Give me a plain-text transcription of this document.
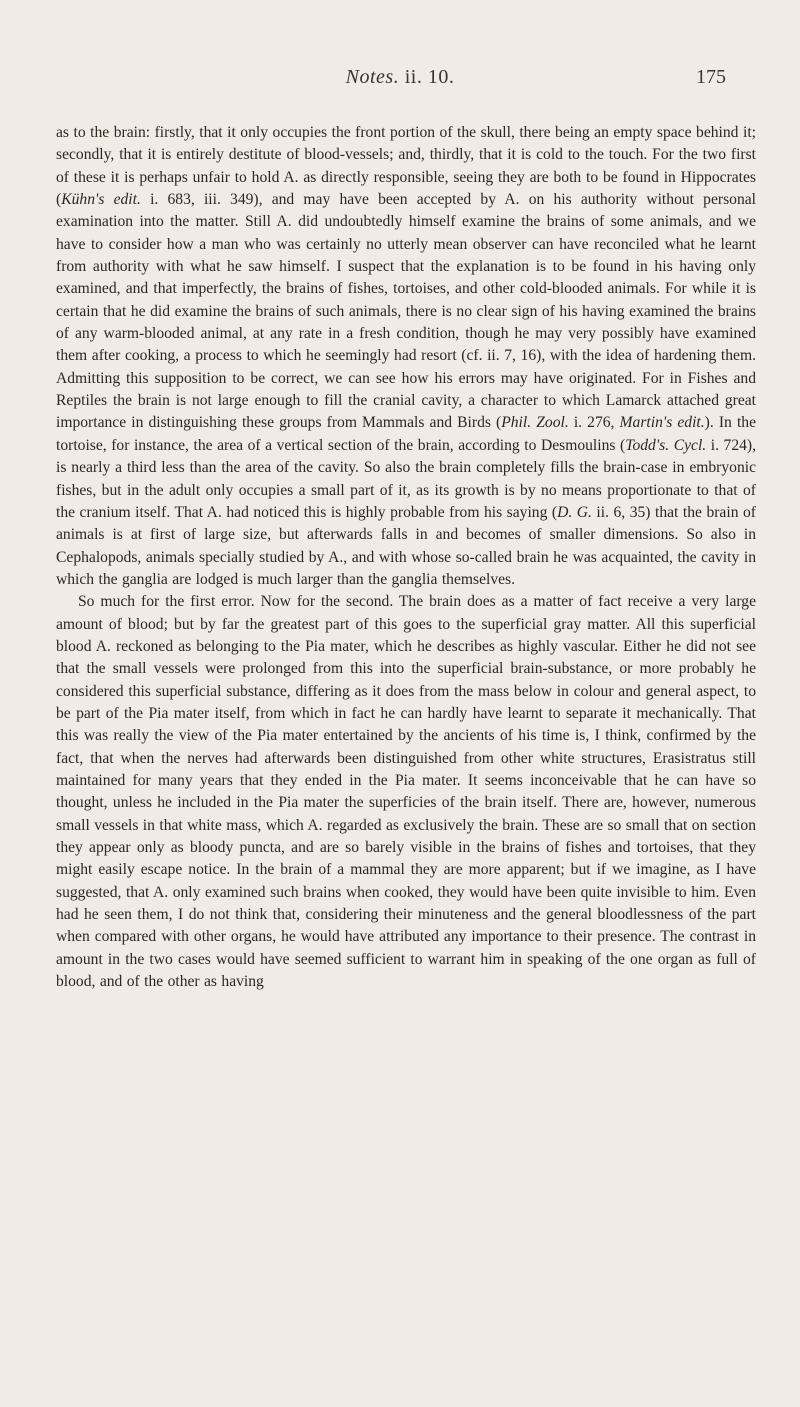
Notes. ii. 10.	175

as to the brain: firstly, that it only occupies the front portion of the skull, there being an empty space behind it; secondly, that it is entirely destitute of blood-vessels; and, thirdly, that it is cold to the touch. For the two first of these it is perhaps unfair to hold A. as directly responsible, seeing they are both to be found in Hippocrates (Kühn's edit. i. 683, iii. 349), and may have been accepted by A. on his authority without personal examination into the matter. Still A. did undoubtedly himself examine the brains of some animals, and we have to consider how a man who was certainly no utterly mean observer can have reconciled what he learnt from authority with what he saw himself. I suspect that the explanation is to be found in his having only examined, and that imperfectly, the brains of fishes, tortoises, and other cold-blooded animals. For while it is certain that he did examine the brains of such animals, there is no clear sign of his having examined the brains of any warm-blooded animal, at any rate in a fresh condition, though he may very possibly have examined them after cooking, a process to which he seemingly had resort (cf. ii. 7, 16), with the idea of hardening them. Admitting this supposition to be correct, we can see how his errors may have originated. For in Fishes and Reptiles the brain is not large enough to fill the cranial cavity, a character to which Lamarck attached great importance in distinguishing these groups from Mammals and Birds (Phil. Zool. i. 276, Martin's edit.). In the tortoise, for instance, the area of a vertical section of the brain, according to Desmoulins (Todd's. Cycl. i. 724), is nearly a third less than the area of the cavity. So also the brain completely fills the brain-case in embryonic fishes, but in the adult only occupies a small part of it, as its growth is by no means proportionate to that of the cranium itself. That A. had noticed this is highly probable from his saying (D. G. ii. 6, 35) that the brain of animals is at first of large size, but afterwards falls in and becomes of smaller dimensions. So also in Cephalopods, animals specially studied by A., and with whose so-called brain he was acquainted, the cavity in which the ganglia are lodged is much larger than the ganglia themselves.

So much for the first error. Now for the second. The brain does as a matter of fact receive a very large amount of blood; but by far the greatest part of this goes to the superficial gray matter. All this superficial blood A. reckoned as belonging to the Pia mater, which he describes as highly vascular. Either he did not see that the small vessels were prolonged from this into the superficial brain-substance, or more probably he considered this superficial substance, differing as it does from the mass below in colour and general aspect, to be part of the Pia mater itself, from which in fact he can hardly have learnt to separate it mechanically. That this was really the view of the Pia mater entertained by the ancients of his time is, I think, confirmed by the fact, that when the nerves had afterwards been distinguished from other white structures, Erasistratus still maintained for many years that they ended in the Pia mater. It seems inconceivable that he can have so thought, unless he included in the Pia mater the superficies of the brain itself. There are, however, numerous small vessels in that white mass, which A. regarded as exclusively the brain. These are so small that on section they appear only as bloody puncta, and are so barely visible in the brains of fishes and tortoises, that they might easily escape notice. In the brain of a mammal they are more apparent; but if we imagine, as I have suggested, that A. only examined such brains when cooked, they would have been quite invisible to him. Even had he seen them, I do not think that, considering their minuteness and the general bloodlessness of the part when compared with other organs, he would have attributed any importance to their presence. The contrast in amount in the two cases would have seemed sufficient to warrant him in speaking of the one organ as full of blood, and of the other as having
